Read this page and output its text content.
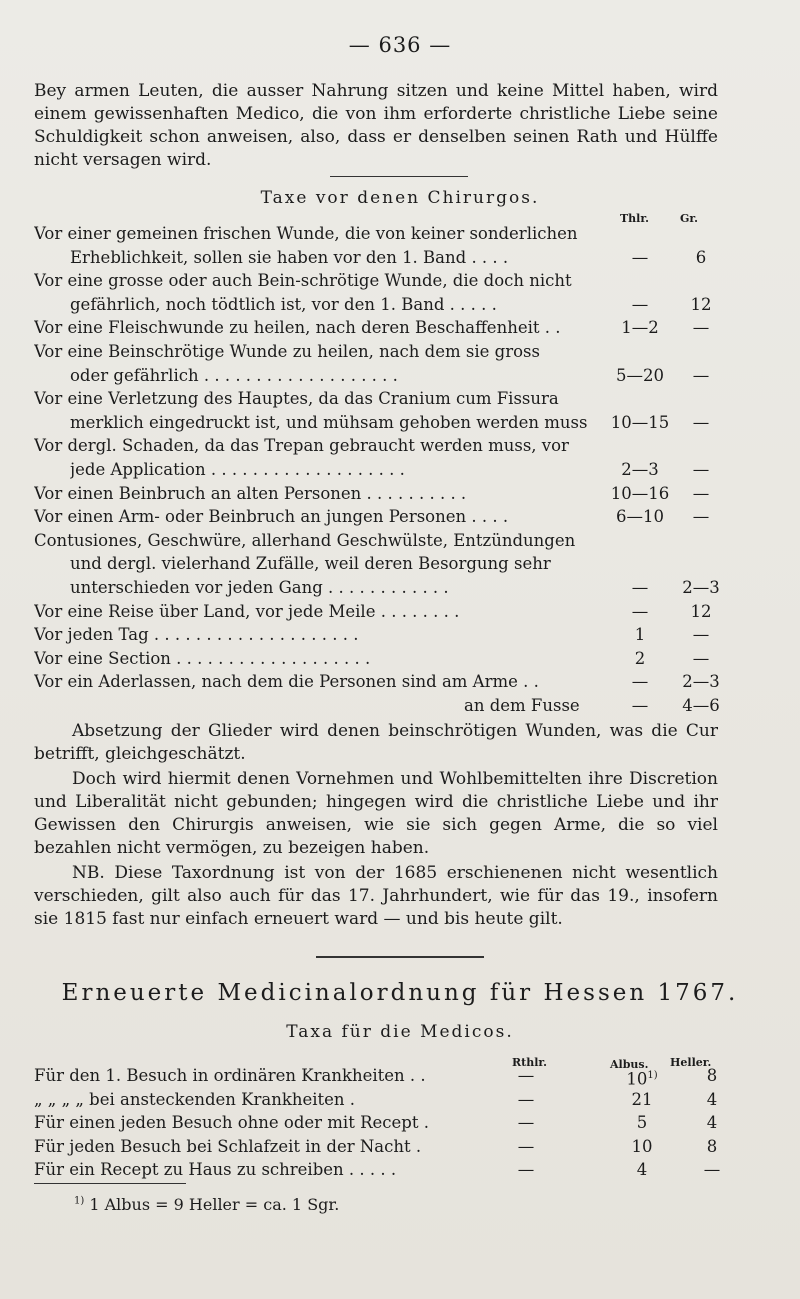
— 636 —
Bey armen Leuten, die ausser Nahrung sitzen und keine Mittel haben, wird einem gewissenhaften Medico, die von ihm erforderte christliche Liebe seine Schuldigkeit schon anweisen, also, dass er denselben seinen Rath und Hülffe nicht versagen wird.
Taxe vor denen Chirurgos.
Thlr.	Gr.
Vor einer gemeinen frischen Wunde, die von keiner sonderlichen
Erheblichkeit, sollen sie haben vor den 1. Band . . . .	—	6
Vor eine grosse oder auch Bein-schrötige Wunde, die doch nicht
gefährlich, noch tödtlich ist, vor den 1. Band . . . . .	—	12
Vor eine Fleischwunde zu heilen, nach deren Beschaffenheit . .	1—2	—
Vor eine Beinschrötige Wunde zu heilen, nach dem sie gross
oder gefährlich . . . . . . . . . . . . . . . . . . .	5—20	—
Vor eine Verletzung des Hauptes, da das Cranium cum Fissura
merklich eingedruckt ist, und mühsam gehoben werden muss	10—15	—
Vor dergl. Schaden, da das Trepan gebraucht werden muss, vor
jede Application . . . . . . . . . . . . . . . . . . .	2—3	—
Vor einen Beinbruch an alten Personen . . . . . . . . . .	10—16	—
Vor einen Arm- oder Beinbruch an jungen Personen . . . .	6—10	—
Contusiones, Geschwüre, allerhand Geschwülste, Entzündungen
und dergl. vielerhand Zufälle, weil deren Besorgung sehr
unterschieden vor jeden Gang . . . . . . . . . . . .	—	2—3
Vor eine Reise über Land, vor jede Meile . . . . . . . .	—	12
Vor jeden Tag . . . . . . . . . . . . . . . . . . . .	1	—
Vor eine Section . . . . . . . . . . . . . . . . . . .	2	—
Vor ein Aderlassen, nach dem die Personen sind am Arme . .	—	2—3
an dem Fusse	—	4—6
Absetzung der Glieder wird denen beinschrötigen Wunden, was die Cur betrifft, gleichgeschätzt.
Doch wird hiermit denen Vornehmen und Wohlbemittelten ihre Discretion und Liberalität nicht gebunden; hingegen wird die christliche Liebe und ihr Gewissen den Chirurgis anweisen, wie sie sich gegen Arme, die so viel bezahlen nicht vermögen, zu bezeigen haben.
NB. Diese Taxordnung ist von der 1685 erschienenen nicht wesentlich verschieden, gilt also auch für das 17. Jahrhundert, wie für das 19., insofern sie 1815 fast nur einfach erneuert ward — und bis heute gilt.
Erneuerte Medicinalordnung für Hessen 1767.
Taxa für die Medicos.
Rthlr.	Albus. Heller.
Für den 1. Besuch in ordinären Krankheiten . .	—	10$^{1)}$	8
„ „ „ „ bei ansteckenden Krankheiten .	—	21	4
Für einen jeden Besuch ohne oder mit Recept .	—	5	4
Für jeden Besuch bei Schlafzeit in der Nacht .	—	10	8
Für ein Recept zu Haus zu schreiben . . . . .	—	4	—
$^{1)}$ 1 Albus = 9 Heller = ca. 1 Sgr.
